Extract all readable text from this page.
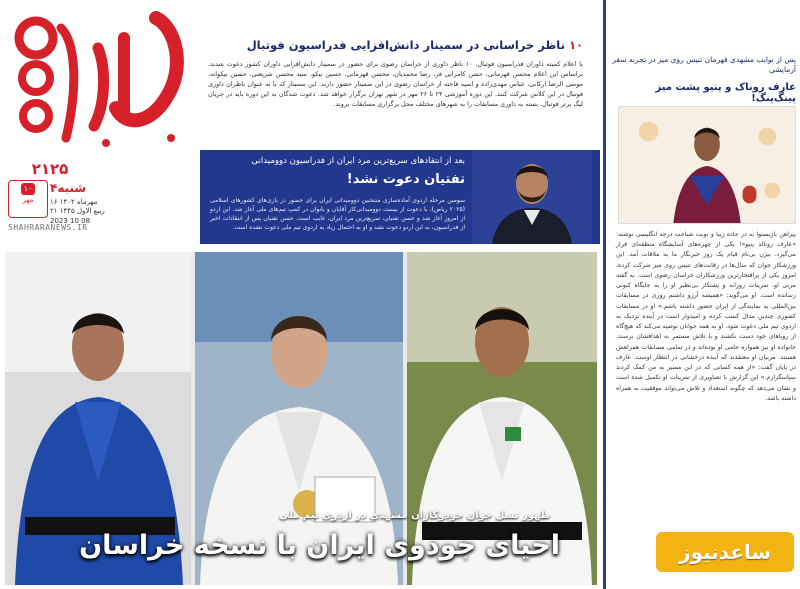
۲۱۲۵
۱۰
مهر
۴شنبه
۱۶ مهرماه ۱۴۰۲
۲۱ ربیع الاول ۱۴۴۵
2023 10 08
SHAHRARANEWS.IR
۱۰ ناظر خراسانی در سمینار دانش‌افزایی فدراسیون فوتبال
با اعلام کمیته داوران فدراسیون فوتبال، ۱۰ ناظر داوری از خراسان رضوی برای حضور در سمینار دانش‌افزایی داوران کشور دعوت شدند. براساس این اعلام محسن قهرمانی، حسن کامرانی فر، رضا محمدیان، محسن قهرمانی، حسین نیکو، سید محسن شریعتی، حسین نیکوانه، موسی الرضا ارکانی، عباس مهدی‌زاده و اسپه فاخته از خراسان رضوی در این سمینار حضور دارند. این سمینار که با به عنوان ناظران داوری فوتبال در این کلاس شرکت کنند. این دوره آموزشی ۲۴ تا ۲۶ مهر در شهر تهران برگزار خواهد شد. دعوت شدگان به این دوره باید در جریان لیگ برتر فوتبال، بسته به داوری مسابقات را به شهرهای مختلف محل برگزاری مسابقات بروند.
بعد از انتقاد‌های سریع‌ترین مرد ایران از فدراسیون دوومیدانی
تفتیان دعوت نشد!
سومین مرحله اردوی آماده‌سازی منتخبین دوومیدانی ایران برای حضور در بازی‌های کشورهای اسلامی (۲۰۲۵ ریاض)، با دعوت از بیست دوومیدانی‌کار آقایان و بانوان در کمپ تیم‌های ملی آغاز شد. این اردو از امروز آغاز شد و حسن تفتیان، سریع‌ترین مرد ایران، غایب است. حسن تفتیان پس از انتقادات اخیر از فدراسیون، به این اردو دعوت نشد و او به احتمال زیاد به اردوی تیم ملی دعوت نشده است.
ظهور نسل جوان جودوکاران مشهدی در اردوی تیم ملی
احیای جودوی ایران با نسخه خراسان
پس از نوایب مشهدی قهرمان تنیس روی میز در تجربه سفر آزمایشی
عارف روناک و پنیو پشت میز پینگ‌پنگ!
پیراهن باز‌بستوا به در جاده زیبا و نوبت شناخت درجه انگلیسی نوشته: «عارف رونالد پنیو»! یکی از چهره‌های آسایشگاه منطقه‌ای قرار می‌گیرد. بیژن بی‌نام قیام یک روز خبرنگار ما به ملاقات آمد. این ورزشکار جوان که سال‌ها در رقابت‌های تنیس روی میز شرکت کرده، امروز یکی از پرافتخارترین ورزشکاران خراسان رضوی است. به گفته مربی او، تمرینات روزانه و پشتکار بی‌نظیر او را به جایگاه کنونی رسانده است. او می‌گوید: «همیشه آرزو داشتم روزی در مسابقات بین‌المللی به نمایندگی از ایران حضور داشته باشم.» او در مسابقات کشوری چندین مدال کسب کرده و امیدوار است در آینده نزدیک به اردوی تیم ملی دعوت شود. او به همه جوانان توصیه می‌کند که هیچ‌گاه از رویاهای خود دست نکشند و با تلاش مستمر به اهدافشان برسند. خانواده او نیز همواره حامی او بوده‌اند و در تمامی مسابقات همراهش هستند. مربیان او معتقدند که آینده درخشانی در انتظار اوست. عارف در پایان گفت: «از همه کسانی که در این مسیر به من کمک کردند سپاسگزارم.» این گزارش با تصاویری از تمرینات او تکمیل شده است و نشان می‌دهد که چگونه استعداد و تلاش می‌تواند موفقیت به همراه داشته باشد.
ساعدنیوز
